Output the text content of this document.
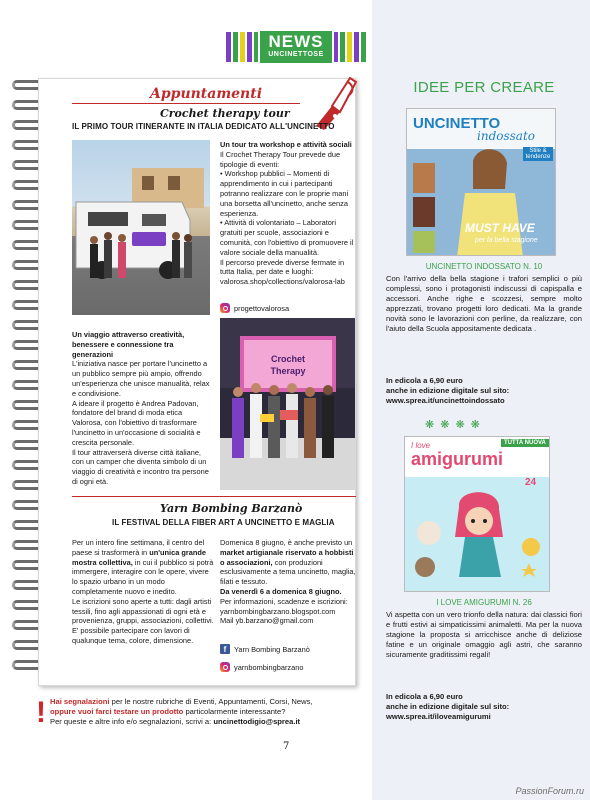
NEWS
UNCINETTOSE
Appuntamenti
Crochet therapy tour
IL PRIMO TOUR ITINERANTE IN ITALIA DEDICATO ALL'UNCINETTO
Un tour tra workshop e attività sociali
Il Crochet Therapy Tour prevede due tipologie di eventi:
• Workshop pubblici – Momenti di apprendimento in cui i partecipanti potranno realizzare con le proprie mani una borsetta all'uncinetto, anche senza esperienza.
• Attività di volontariato – Laboratori gratuiti per scuole, associazioni e comunità, con l'obiettivo di promuovere il valore sociale della manualità.
Il percorso prevede diverse fermate in tutta Italia, per date e luoghi: valorosa.shop/collections/valorosa-lab
progettovalorosa
Un viaggio attraverso creatività, benessere e connessione tra generazioni
L'iniziativa nasce per portare l'uncinetto a un pubblico sempre più ampio, offrendo un'esperienza che unisce manualità, relax e condivisione.
A ideare il progetto è Andrea Padovan, fondatore del brand di moda etica Valorosa, con l'obiettivo di trasformare l'uncinetto in un'occasione di socialità e crescita personale.
Il tour attraverserà diverse città italiane, con un camper che diventa simbolo di un viaggio di creatività e incontro tra persone di ogni età.
Crochet
Therapy
Yarn Bombing Barzanò
IL FESTIVAL DELLA FIBER ART A UNCINETTO E MAGLIA
Per un intero fine settimana, il centro del paese si trasformerà in un'unica grande mostra collettiva, in cui il pubblico si potrà immergere, interagire con le opere, vivere lo spazio urbano in un modo completamente nuovo e inedito.
Le iscrizioni sono aperte a tutti: dagli artisti tessili, fino agli appassionati di ogni età e provenienza, gruppi, associazioni, collettivi. E' possibile partecipare con lavori di qualunque tema, colore, dimensione.
Domenica 8 giugno, è anche previsto un market artigianale riservato a hobbisti o associazioni, con produzioni esclusivamente a tema uncinetto, maglia, filati e tessuto.
Da venerdì 6 a domenica 8 giugno.
Per informazioni, scadenze e iscrizioni: yarnbombingbarzano.blogspot.com
Mail yb.barzano@gmail.com
f	Yarn Bombing Barzanò
yarnbombingbarzano
! Hai segnalazioni per le nostre rubriche di Eventi, Appuntamenti, Corsi, News,
oppure vuoi farci testare un prodotto particolarmente interessante?
Per queste e altre info e/o segnalazioni, scrivi a: uncinettodigio@sprea.it
7
IDEE PER CREARE
UNCINETTO
indossato
Stile & tendenze
MUST HAVE
per la bella stagione
UNCINETTO INDOSSATO N. 10
Con l'arrivo della bella stagione i trafori semplici o più complessi, sono i protagonisti indiscussi di capispalla e accessori. Anche righe e scozzesi, sempre molto apprezzati, trovano progetti loro dedicati. Ma la grande novità sono le lavorazioni con perline, da realizzare, con l'aiuto della Scuola appositamente dedicata .
In edicola a 6,90 euro
anche in edizione digitale sul sito:
www.sprea.it/uncinettoindossato
❋ ❋ ❋ ❋
I love
amigurumi
TUTTA NUOVA
24
I LOVE AMIGURUMI N. 26
Vi aspetta con un vero trionfo della natura: dai classici fiori e frutti estivi ai simpaticissimi animaletti. Ma per la nuova stagione la proposta si arricchisce anche di deliziose fatine e un originale omaggio agli astri, che saranno sicuramente graditissimi regali!
In edicola a 6,90 euro
anche in edizione digitale sul sito:
www.sprea.it/iloveamigurumi
PassionForum.ru
